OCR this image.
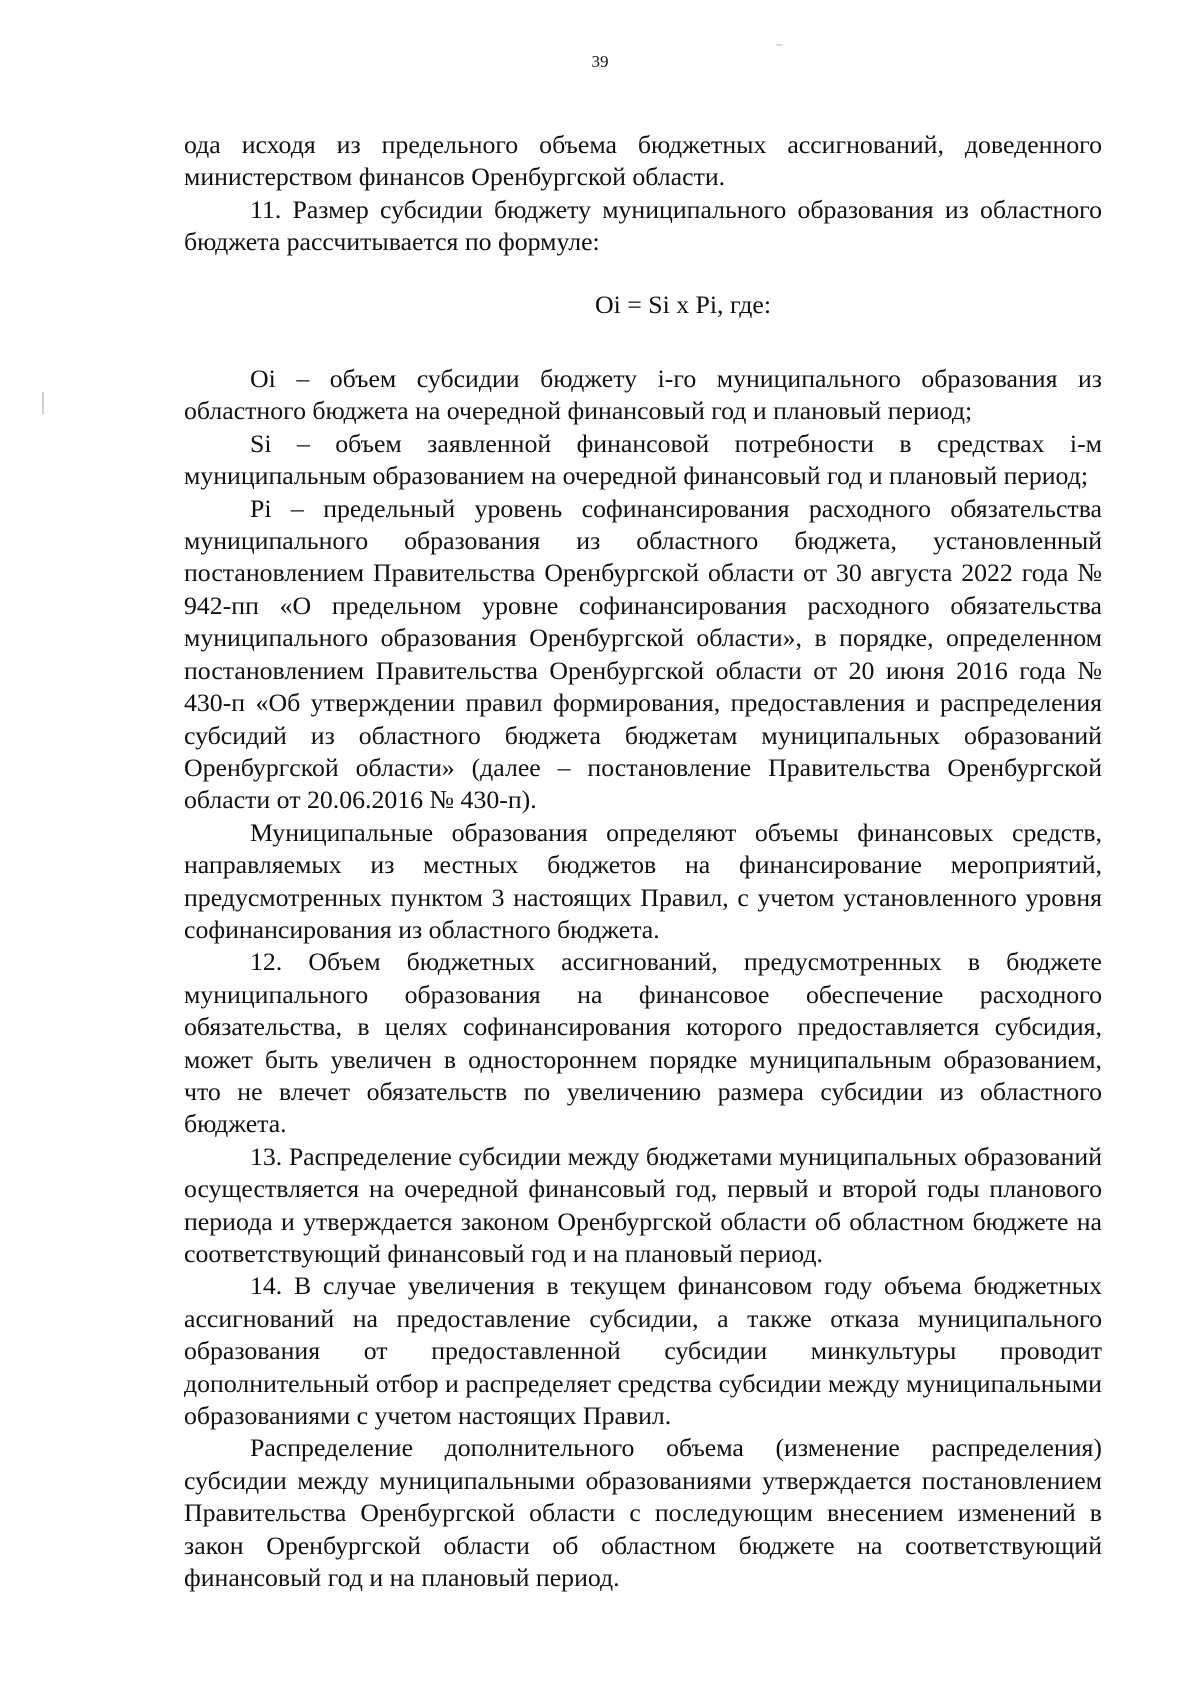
39

ода исходя из предельного объема бюджетных ассигнований, доведенного министерством финансов Оренбургской области.

11. Размер субсидии бюджету муниципального образования из областного бюджета рассчитывается по формуле:

Oi = Si x Pi, где:

Oi – объем субсидии бюджету i-го муниципального образования из областного бюджета на очередной финансовый год и плановый период;

Si – объем заявленной финансовой потребности в средствах i-м муниципальным образованием на очередной финансовый год и плановый период;

Pi – предельный уровень софинансирования расходного обязательства муниципального образования из областного бюджета, установленный постановлением Правительства Оренбургской области от 30 августа 2022 года № 942-пп «О предельном уровне софинансирования расходного обязательства муниципального образования Оренбургской области», в порядке, определенном постановлением Правительства Оренбургской области от 20 июня 2016 года № 430-п «Об утверждении правил формирования, предоставления и распределения субсидий из областного бюджета бюджетам муниципальных образований Оренбургской области» (далее – постановление Правительства Оренбургской области от 20.06.2016 № 430-п).

Муниципальные образования определяют объемы финансовых средств, направляемых из местных бюджетов на финансирование мероприятий, предусмотренных пунктом 3 настоящих Правил, с учетом установленного уровня софинансирования из областного бюджета.

12. Объем бюджетных ассигнований, предусмотренных в бюджете муниципального образования на финансовое обеспечение расходного обязательства, в целях софинансирования которого предоставляется субсидия, может быть увеличен в одностороннем порядке муниципальным образованием, что не влечет обязательств по увеличению размера субсидии из областного бюджета.

13. Распределение субсидии между бюджетами муниципальных образований осуществляется на очередной финансовый год, первый и второй годы планового периода и утверждается законом Оренбургской области об областном бюджете на соответствующий финансовый год и на плановый период.

14. В случае увеличения в текущем финансовом году объема бюджетных ассигнований на предоставление субсидии, а также отказа муниципального образования от предоставленной субсидии минкультуры проводит дополнительный отбор и распределяет средства субсидии между муниципальными образованиями с учетом настоящих Правил.

Распределение дополнительного объема (изменение распределения) субсидии между муниципальными образованиями утверждается постановлением Правительства Оренбургской области с последующим внесением изменений в закон Оренбургской области об областном бюджете на соответствующий финансовый год и на плановый период.
